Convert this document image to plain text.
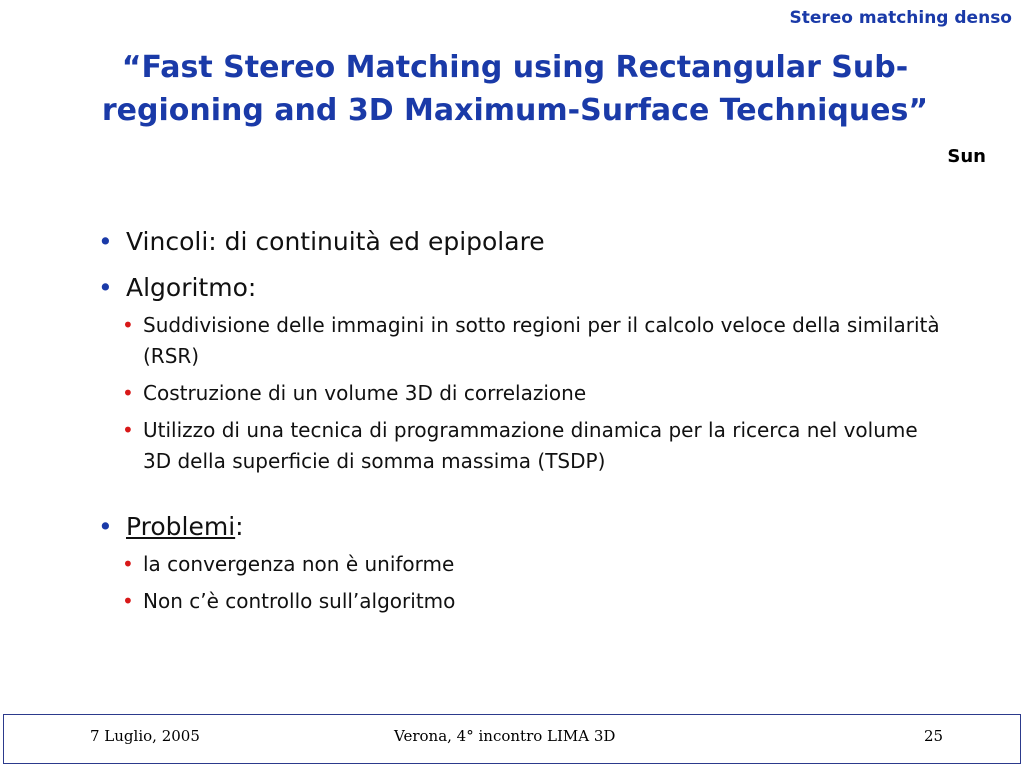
Stereo matching denso
“Fast Stereo Matching using Rectangular Sub-
regioning and 3D Maximum-Surface Techniques”
Sun
• Vincoli: di continuità ed epipolare
• Algoritmo:
• Suddivisione delle immagini in sotto regioni per il calcolo veloce della similarità (RSR)
• Costruzione di un volume 3D di correlazione
• Utilizzo di una tecnica di programmazione dinamica per la ricerca nel volume 3D della superficie di somma massima (TSDP)
• Problemi:
• la convergenza non è uniforme
• Non c’è controllo sull’algoritmo
7 Luglio, 2005	Verona, 4° incontro LIMA 3D	25
